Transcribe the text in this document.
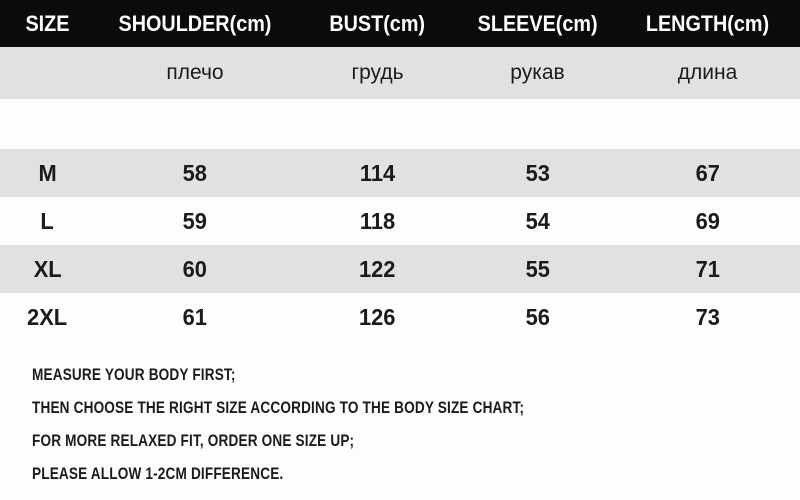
SIZE	SHOULDER(cm)	BUST(cm)	SLEEVE(cm)	LENGTH(cm)
	плечо	грудь	рукав	длина

M	58	114	53	67
L	59	118	54	69
XL	60	122	55	71
2XL	61	126	56	73
MEASURE YOUR BODY FIRST;
THEN CHOOSE THE RIGHT SIZE ACCORDING TO THE BODY SIZE CHART;
FOR MORE RELAXED FIT, ORDER ONE SIZE UP;
PLEASE ALLOW 1-2CM DIFFERENCE.
